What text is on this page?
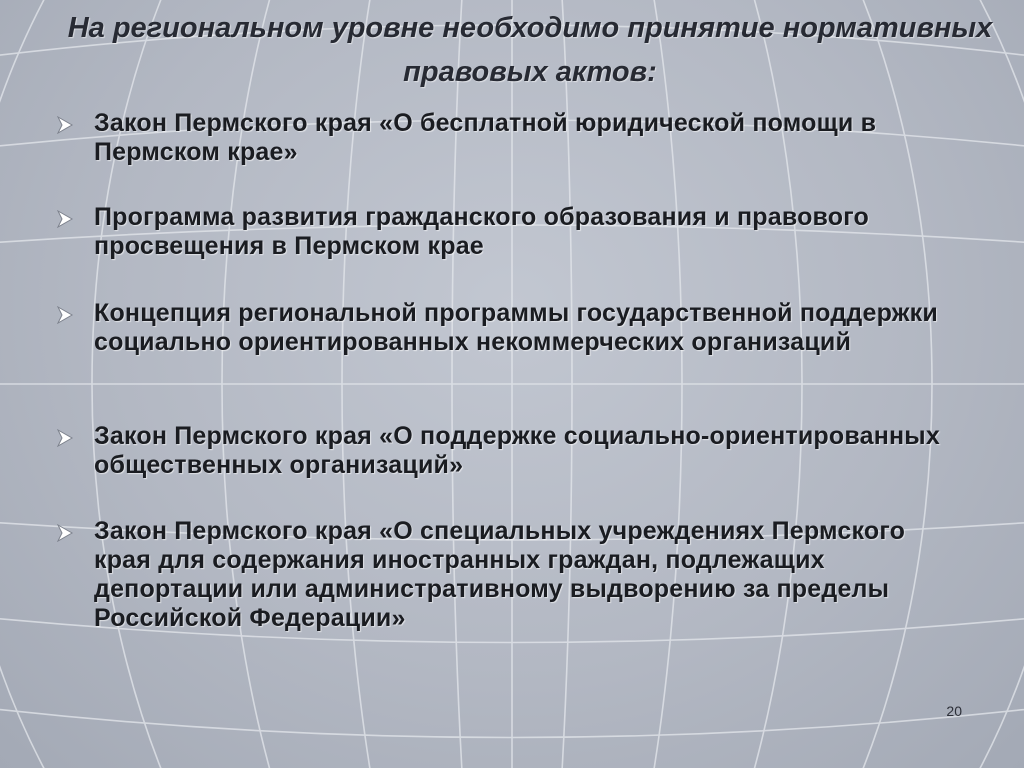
На региональном уровне необходимо принятие нормативных правовых актов:
Закон Пермского края «О бесплатной юридической помощи в Пермском крае»
Программа развития гражданского образования и правового просвещения в Пермском крае
Концепция региональной программы государственной поддержки социально ориентированных некоммерческих организаций
Закон Пермского края «О поддержке социально-ориентированных общественных организаций»
Закон Пермского края «О специальных учреждениях Пермского края для содержания иностранных граждан, подлежащих депортации или административному выдворению за пределы Российской Федерации»
20
